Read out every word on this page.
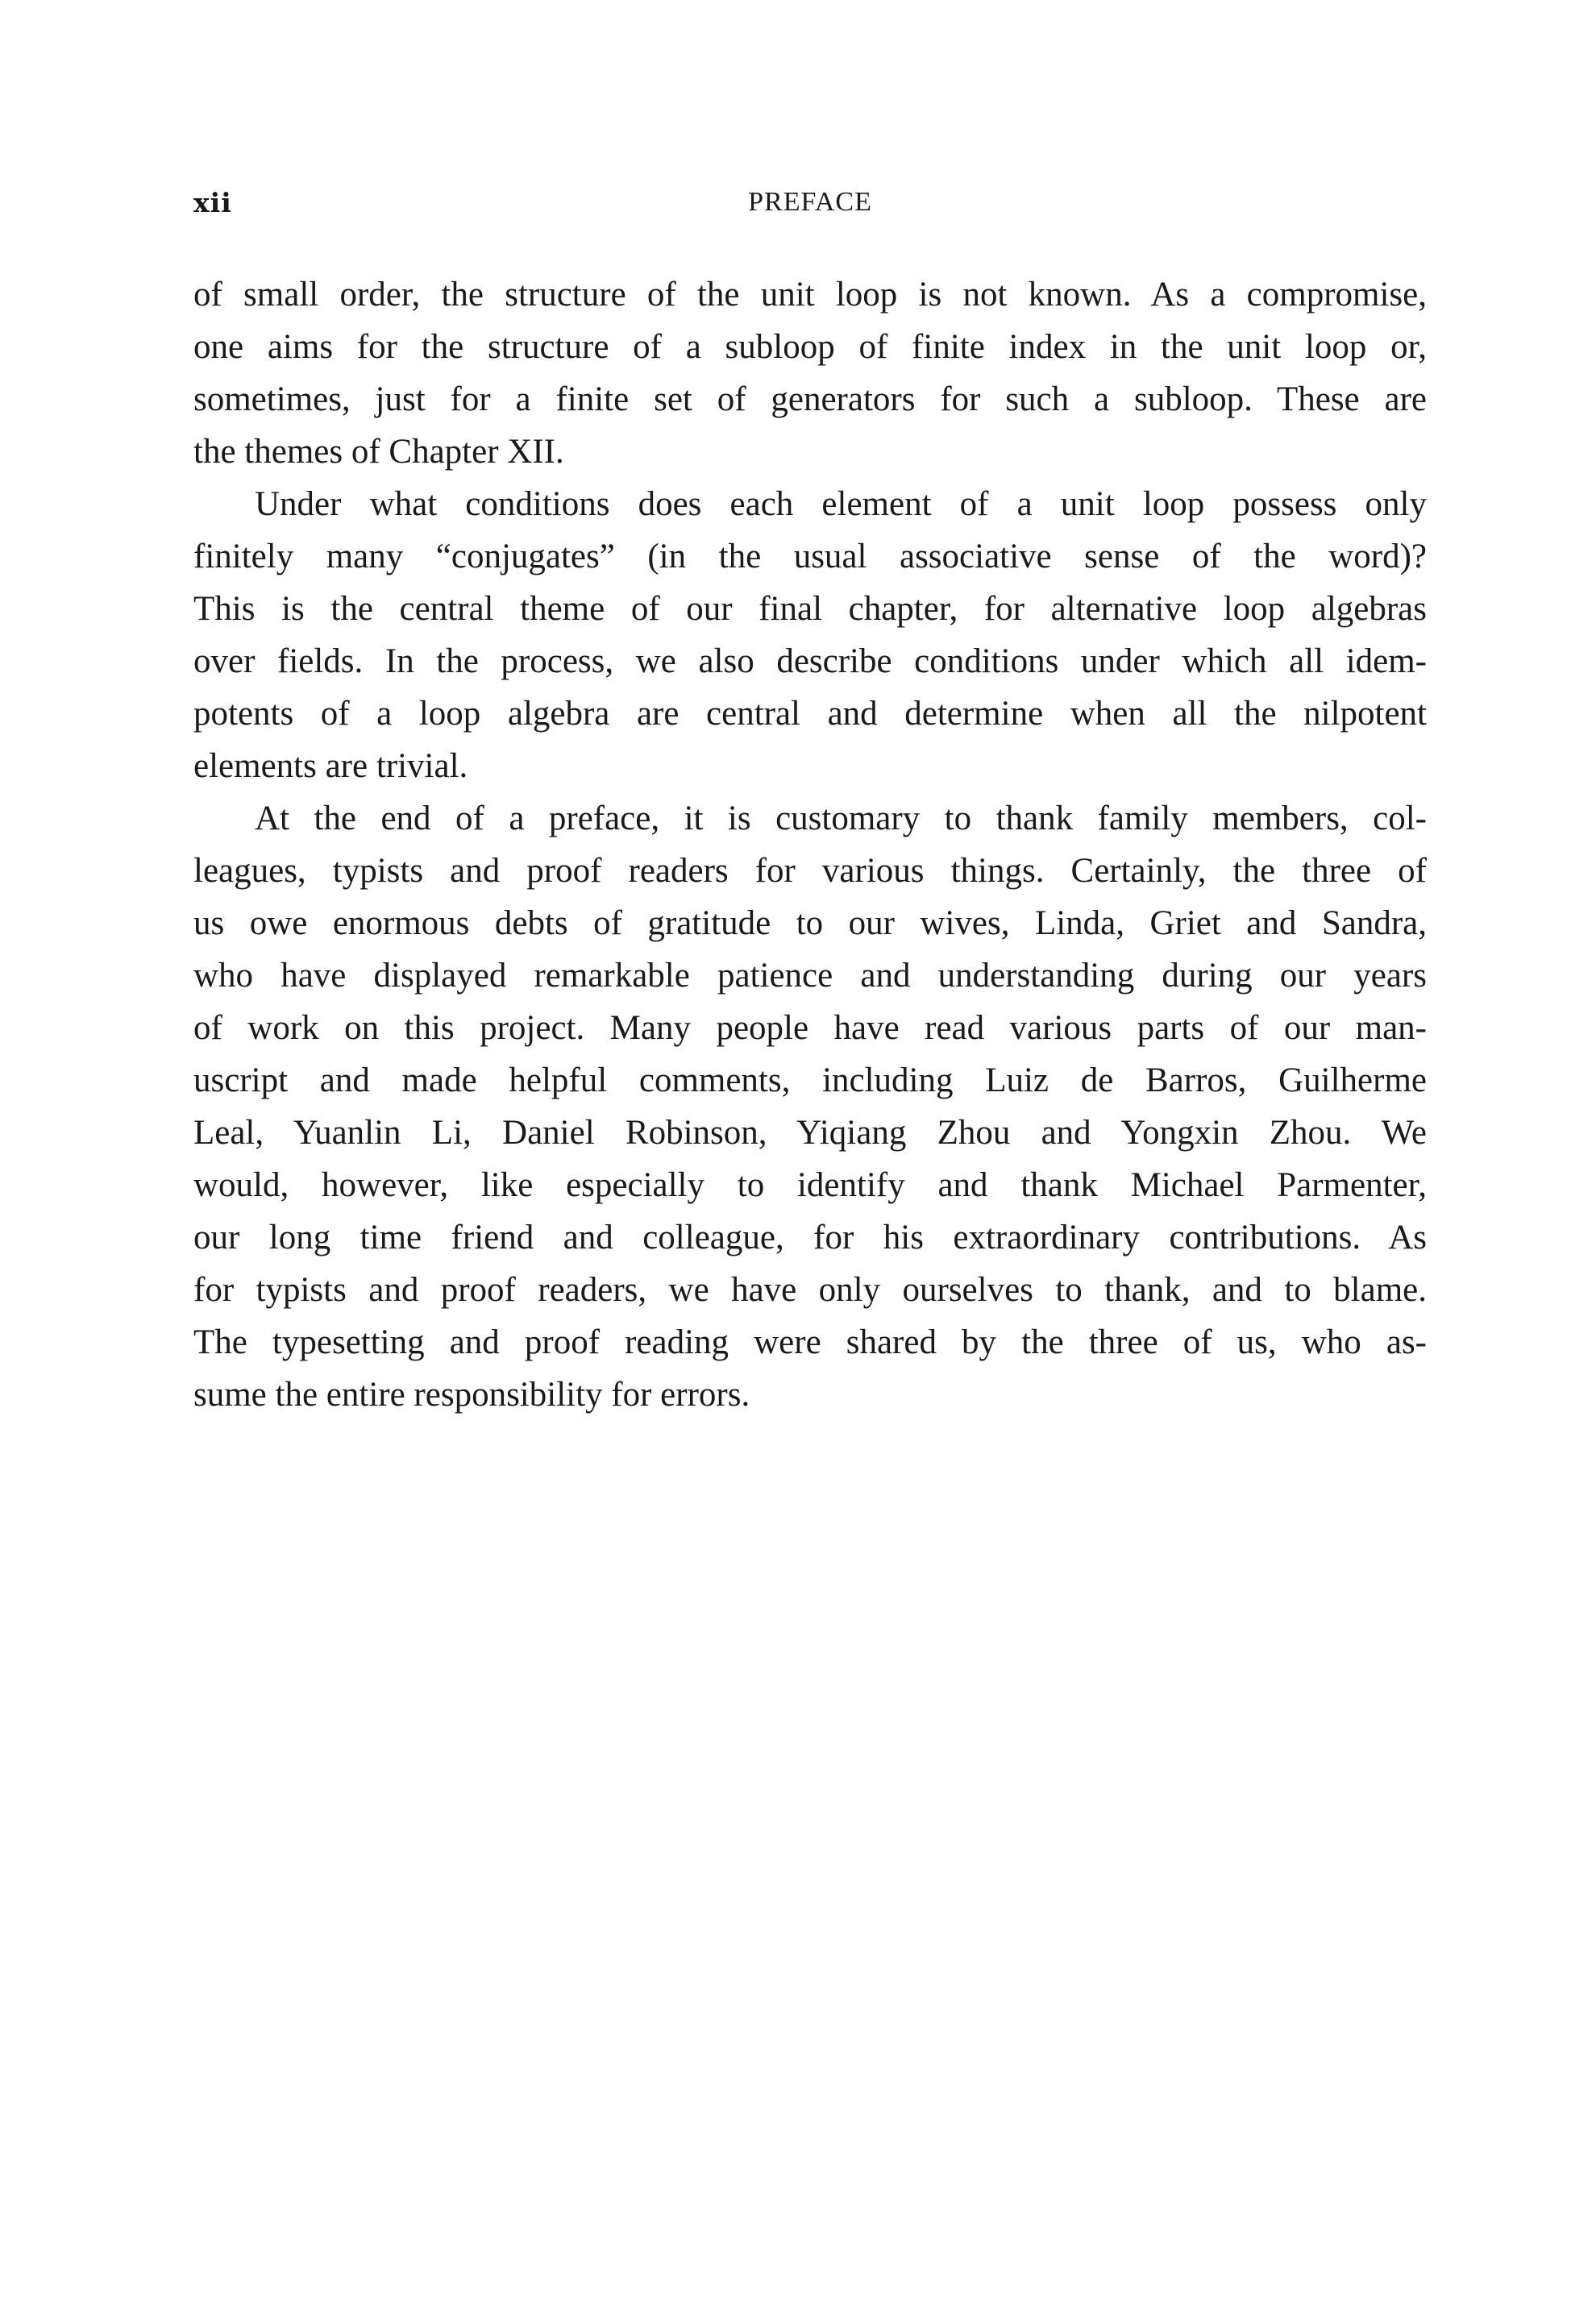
xii	PREFACE
of small order, the structure of the unit loop is not known. As a compromise,
one aims for the structure of a subloop of finite index in the unit loop or,
sometimes, just for a finite set of generators for such a subloop. These are
the themes of Chapter XII.
Under what conditions does each element of a unit loop possess only
finitely many “conjugates” (in the usual associative sense of the word)?
This is the central theme of our final chapter, for alternative loop algebras
over fields. In the process, we also describe conditions under which all idem-
potents of a loop algebra are central and determine when all the nilpotent
elements are trivial.
At the end of a preface, it is customary to thank family members, col-
leagues, typists and proof readers for various things. Certainly, the three of
us owe enormous debts of gratitude to our wives, Linda, Griet and Sandra,
who have displayed remarkable patience and understanding during our years
of work on this project. Many people have read various parts of our man-
uscript and made helpful comments, including Luiz de Barros, Guilherme
Leal, Yuanlin Li, Daniel Robinson, Yiqiang Zhou and Yongxin Zhou. We
would, however, like especially to identify and thank Michael Parmenter,
our long time friend and colleague, for his extraordinary contributions. As
for typists and proof readers, we have only ourselves to thank, and to blame.
The typesetting and proof reading were shared by the three of us, who as-
sume the entire responsibility for errors.
